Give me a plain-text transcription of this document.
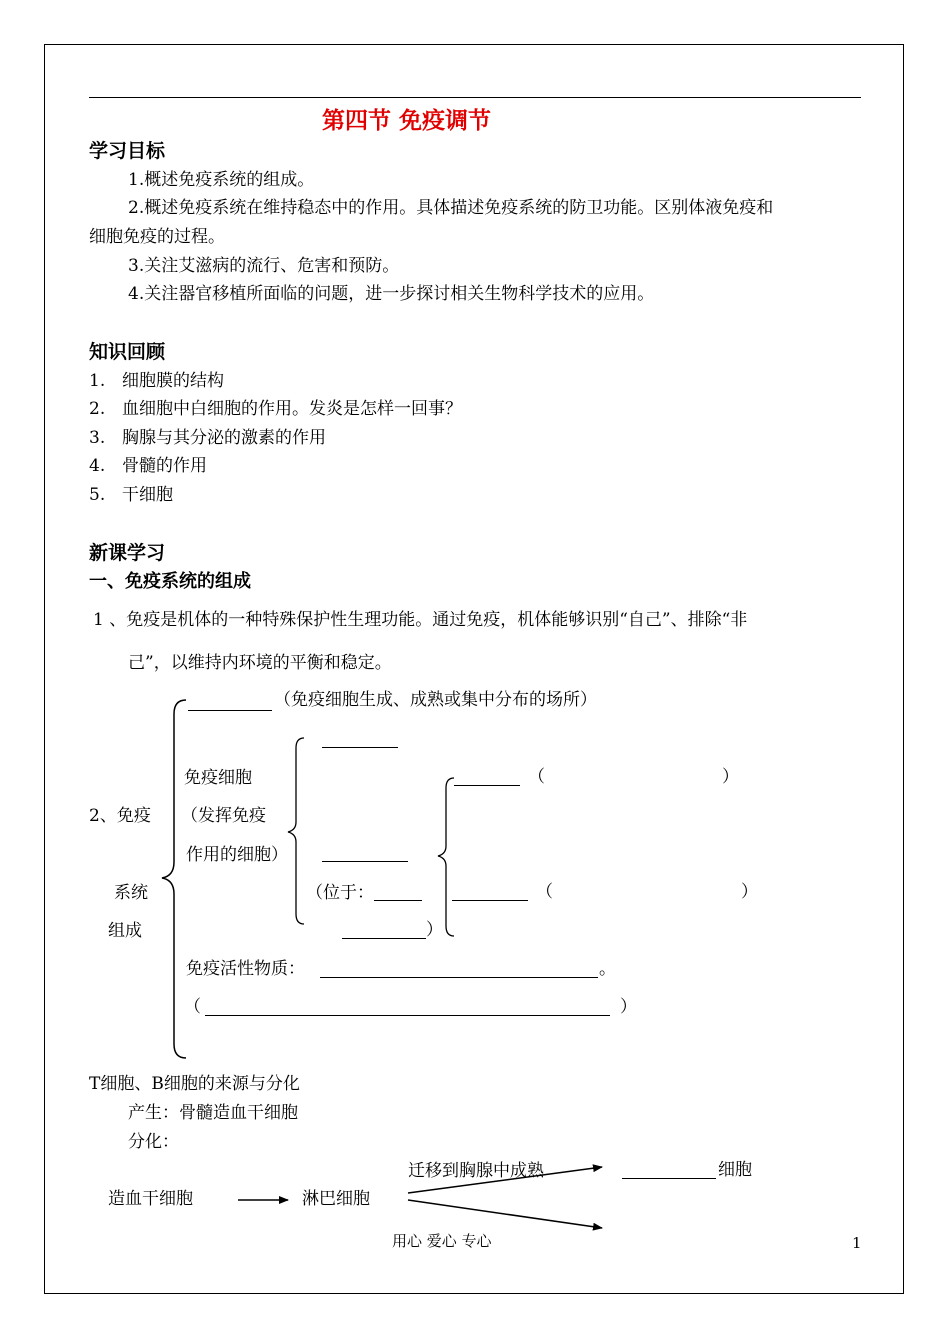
第四节 免疫调节
学习目标
1.概述免疫系统的组成。
2.概述免疫系统在维持稳态中的作用。具体描述免疫系统的防卫功能。区别体液免疫和
细胞免疫的过程。
3.关注艾滋病的流行、危害和预防。
4.关注器官移植所面临的问题，进一步探讨相关生物科学技术的应用。
知识回顾
1. 细胞膜的结构
2. 血细胞中白细胞的作用。发炎是怎样一回事？
3. 胸腺与其分泌的激素的作用
4. 骨髓的作用
5. 干细胞
新课学习
一、免疫系统的组成
1 、免疫是机体的一种特殊保护性生理功能。通过免疫，机体能够识别“自己”、排除“非
己”，以维持内环境的平衡和稳定。
（免疫细胞生成、成熟或集中分布的场所）
免疫细胞
（发挥免疫
作用的细胞）
（	）
2、免疫
系统	（位于：	（	）
组成	）
免疫活性物质：	。
（	）
T细胞、B细胞的来源与分化
产生：骨髓造血干细胞
分化：
迁移到胸腺中成熟	细胞
造血干细胞	淋巴细胞
用心 爱心 专心	1
